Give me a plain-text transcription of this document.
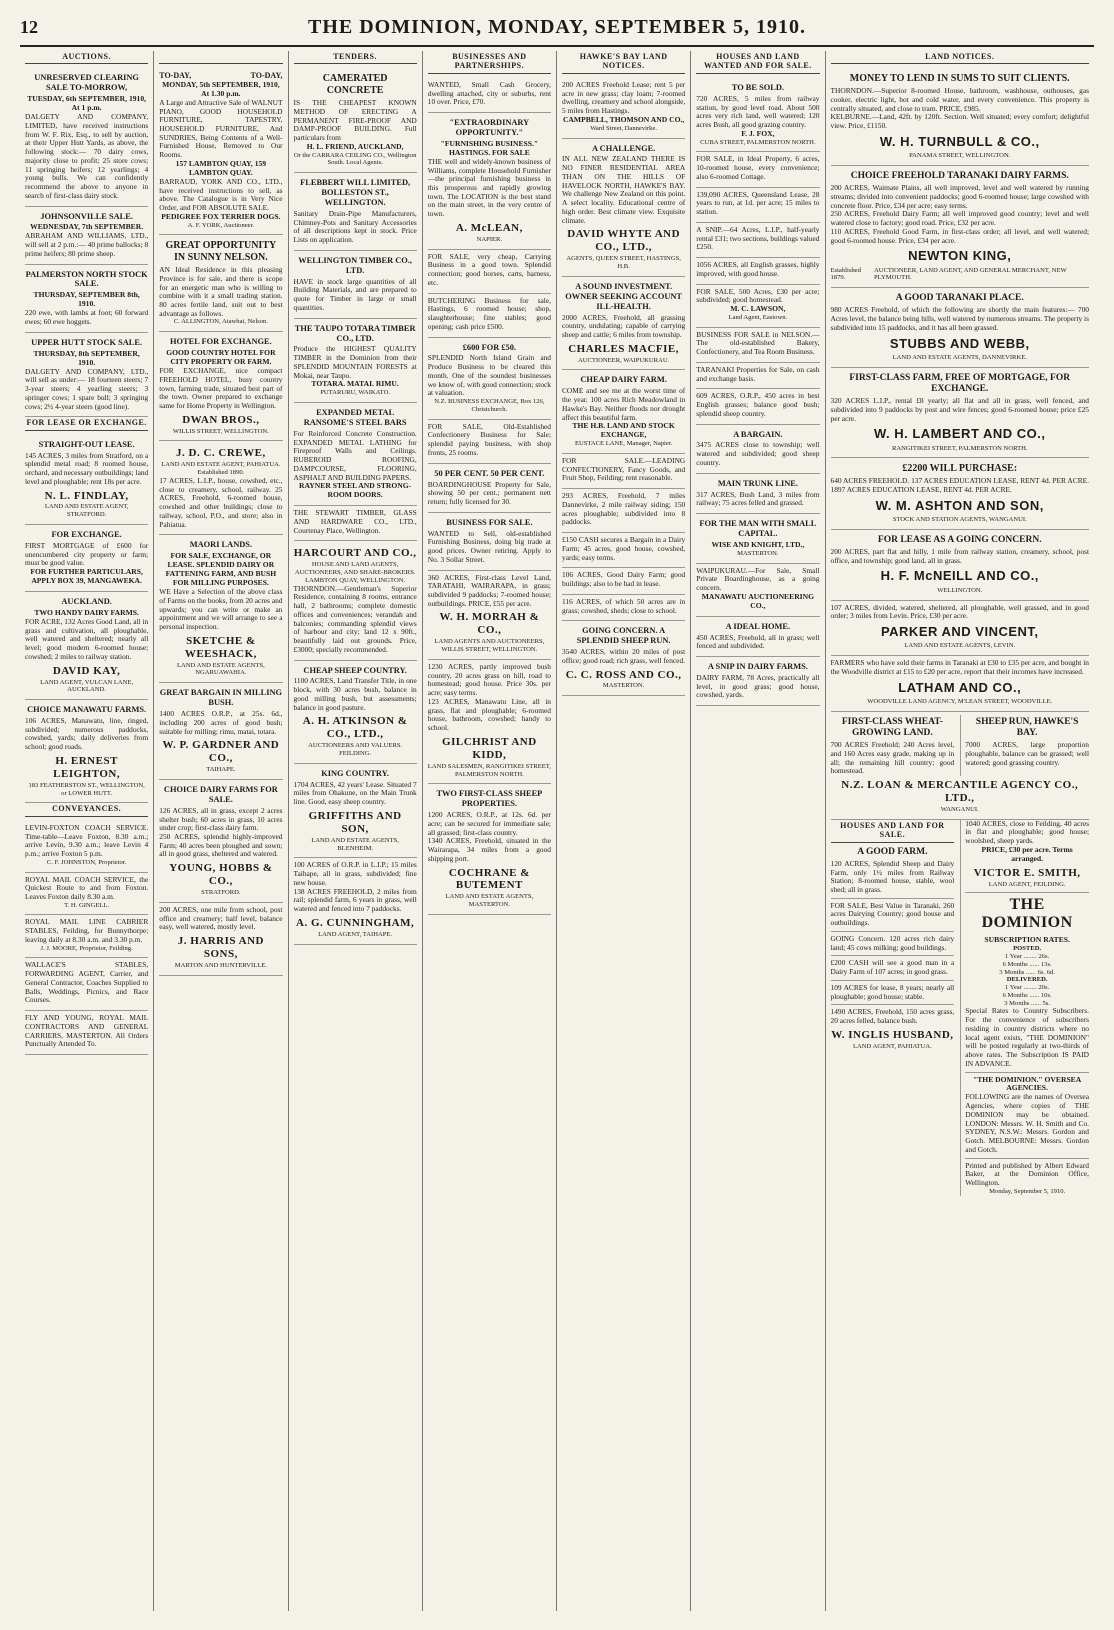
12	THE DOMINION, MONDAY, SEPTEMBER 5, 1910.
AUCTIONS.
UNRESERVED CLEARING SALE TO-MORROW,
TUESDAY, 6th SEPTEMBER, 1910, At 1 p.m.

DALGETY AND COMPANY, LIMITED, have received instructions from W. F. Rix, Esq., to sell by auction, at their Upper Hutt Yards, as above, the following stock:— 70 dairy cows, majority close to profit; 25 store cows; 11 springing heifers; 12 yearlings; 4 young bulls. We can confidently recommend the above to anyone in search of first-class dairy stock.

JOHNSONVILLE SALE.
WEDNESDAY, 7th SEPTEMBER.

ABRAHAM AND WILLIAMS, LTD., will sell at 2 p.m.:— 40 prime ballocks; 8 prime heifers; 80 prime sheep.

PALMERSTON NORTH STOCK SALE.
THURSDAY, SEPTEMBER 8th, 1910.

220 ewe, with lambs at foot; 60 forward ewes; 60 ewe hoggets.

UPPER HUTT STOCK SALE.
THURSDAY, 8th SEPTEMBER, 1910.

DALGETY AND COMPANY, LTD., will sell as under:— 18 fourteen steers; 7 3-year steers; 4 yearling steers; 3 springer cows; 1 spare bull; 3 springing cows; 2½ 4-year steers (good line).

FOR LEASE OR EXCHANGE.
STRAIGHT-OUT LEASE.

145 ACRES, 3 miles from Stratford, on a splendid metal road; 8 roomed house, orchard, and necessary outbuildings; land level and ploughable; rent 18s per acre.

N. L. FINDLAY,
LAND AND ESTATE AGENT, STRATFORD.
FOR EXCHANGE.

FIRST MORTGAGE of £600 for unencumbered city property or farm; must be good value.

FOR FURTHER PARTICULARS, APPLY BOX 39, MANGAWEKA.
AUCKLAND.
TWO HANDY DAIRY FARMS.

FOR ACRE, 132 Acres Good Land, all in grass and cultivation, all ploughable, well watered and sheltered; nearly all level; good modern 6-roomed house; cowshed; 2 miles to railway station.

DAVID KAY,
LAND AGENT, VULCAN LANE, AUCKLAND.
CHOICE MANAWATU FARMS.

106 ACRES, Manawatu, line, ringed, subdivided; numerous paddocks, cowshed, yards; daily deliveries from school; good roads.

H. ERNEST LEIGHTON,
183 FEATHERSTON ST., WELLINGTON, or LOWER HUTT.
CONVEYANCES.

LEVIN-FOXTON COACH SERVICE. Time-table—Leave Foxton, 8.30 a.m.; arrive Levin, 9.30 a.m.; leave Levin 4 p.m.; arrive Foxton 5 p.m.

C. F. JOHNSTON, Proprietor.

ROYAL MAIL COACH SERVICE, the Quickest Route to and from Foxton. Leaves Foxton daily 8.30 a.m.

T. H. GINGELL.

ROYAL MAIL LINE CABRIER STABLES, Feilding, for Bunnythorpe; leaving daily at 8.30 a.m. and 3.30 p.m.

J. J. MOORE, Proprietor, Feilding.

WALLACE'S STABLES, FORWARDING AGENT, Carrier, and General Contractor, Coaches Supplied to Balls, Weddings, Picnics, and Race Courses.

FLY AND YOUNG, ROYAL MAIL CONTRACTORS AND GENERAL CARRIERS, MASTERTON. All Orders Punctually Attended To.

TO-DAY,	TO-DAY,
MONDAY, 5th SEPTEMBER, 1910, At 1.30 p.m.

A Large and Attractive Sale of WALNUT PIANO, GOOD HOUSEHOLD FURNITURE, TAPESTRY, HOUSEHOLD FURNITURE, And SUNDRIES, Being Contents of a Well-Furnished House, Removed to Our Rooms.

157 LAMBTON QUAY, 159 LAMBTON QUAY.

BARRAUD, YORK AND CO., LTD., have received instructions to sell, as above. The Catalogue is in Very Nice Order, and FOR ABSOLUTE SALE.

PEDIGREE FOX TERRIER DOGS.
A. F. YORK, Auctioneer.
GREAT OPPORTUNITY IN SUNNY NELSON.

AN Ideal Residence in this pleasing Province is for sale, and there is scope for an energetic man who is willing to combine with it a small trading station. 80 acres fertile land, suit out to best advantage as follows.

C. ALLINGTON, Atawhai, Nelson.
HOTEL FOR EXCHANGE.
GOOD COUNTRY HOTEL FOR CITY PROPERTY OR FARM.

FOR EXCHANGE, nice compact FREEHOLD HOTEL, busy country town, farming trade, situated best part of the town. Owner prepared to exchange same for Home Property in Wellington.

DWAN BROS.,
WILLIS STREET, WELLINGTON.
J. D. C. CREWE,
LAND AND ESTATE AGENT, PAHIATUA. Established 1890.

17 ACRES, L.I.P., house, cowshed, etc., close to creamery, school, railway. 25 ACRES, Freehold, 6-roomed house, cowshed and other buildings; close to railway, school, P.O., and store; also in Pahiatua.

MAORI LANDS.
FOR SALE, EXCHANGE, OR LEASE. SPLENDID DAIRY OR FATTENING FARM, AND BUSH FOR MILLING PURPOSES.

WE Have a Selection of the above class of Farms on the books, from 20 acres and upwards; you can write or make an appointment and we will arrange to see a personal inspection.

SKETCHE & WEESHACK,
LAND AND ESTATE AGENTS, NGARUAWAHIA.
GREAT BARGAIN IN MILLING BUSH.

1400 ACRES O.R.P., at 25s. 6d., including 200 acres of good bush; suitable for milling; rimu, matai, totara.

W. P. GARDNER AND CO.,
TAIHAPE.
CHOICE DAIRY FARMS FOR SALE.

126 ACRES, all in grass, except 2 acres shelter bush; 60 acres in grass, 10 acres under crop; first-class dairy farm.

250 ACRES, splendid highly-improved Farm; 40 acres been ploughed and sown; all in good grass, sheltered and watered.

YOUNG, HOBBS & CO.,
STRATFORD.

200 ACRES, one mile from school, post office and creamery; half level, balance easy, well watered, mostly level.

J. HARRIS AND SONS,
MARTON AND HUNTERVILLE.
TENDERS.
CAMERATED CONCRETE

IS THE CHEAPEST KNOWN METHOD OF ERECTING A PERMANENT FIRE-PROOF AND DAMP-PROOF BUILDING. Full particulars from

H. L. FRIEND, AUCKLAND,
Or the CARRARA CEILING CO., Wellington South. Local Agents.
FLEBBERT WILL LIMITED, BOLLESTON ST., WELLINGTON.

Sanitary Drain-Pipe Manufacturers, Chimney-Pots and Sanitary Accessories of all descriptions kept in stock. Price Lists on application.

WELLINGTON TIMBER CO., LTD.

HAVE in stock large quantities of all Building Materials, and are prepared to quote for Timber in large or small quantities.

THE TAUPO TOTARA TIMBER CO., LTD.

Produce the HIGHEST QUALITY TIMBER in the Dominion from their SPLENDID MOUNTAIN FORESTS at Mokai, near Taupo.

TOTARA. MATAI. RIMU.
PUTARURU, WAIKATO.
EXPANDED METAL RANSOME'S STEEL BARS

For Reinforced Concrete Construction. EXPANDED METAL LATHING for Fireproof Walls and Ceilings. RUBEROID ROOFING, DAMPCOURSE, FLOORING, ASPHALT AND BUILDING PAPERS.

RAYNER STEEL AND STRONG-ROOM DOORS.

THE STEWART TIMBER, GLASS AND HARDWARE CO., LTD., Courtenay Place, Wellington.

HARCOURT AND CO.,
HOUSE AND LAND AGENTS, AUCTIONEERS, AND SHARE-BROKERS. LAMBTON QUAY, WELLINGTON.

THORNDON.—Gentleman's Superior Residence, containing 8 rooms, entrance hall, 2 bathrooms; complete domestic offices and conveniences; verandah and balconies; commanding splendid views of harbour and city; land 12 x 90ft., beautifully laid out grounds. Price, £3000; specially recommended.

CHEAP SHEEP COUNTRY.

1100 ACRES, Land Transfer Title, in one block, with 30 acres bush, balance in good milling bush, but assessments; balance in good pasture.

A. H. ATKINSON & CO., LTD.,
AUCTIONEERS AND VALUERS. FEILDING.
KING COUNTRY.

1704 ACRES, 42 years' Lease. Situated 7 miles from Ohakune, on the Main Trunk line. Good, easy sheep country.

GRIFFITHS AND SON,
LAND AND ESTATE AGENTS, BLENHEIM.

100 ACRES of O.R.P. in L.I.P.; 15 miles Taihape, all in grass, subdivided; fine new house.

138 ACRES FREEHOLD, 2 miles from rail; splendid farm, 6 years in grass, well watered and fenced into 7 paddocks.

A. G. CUNNINGHAM,
LAND AGENT, TAIHAPE.
BUSINESSES AND PARTNERSHIPS.

WANTED, Small Cash Grocery, dwelling attached, city or suburbs, rent 10 over. Price, £70.

"EXTRAORDINARY OPPORTUNITY."
"FURNISHING BUSINESS." HASTINGS. FOR SALE

THE well and widely-known business of Williams, complete Household Furnisher—the principal furnishing business in this prosperous and rapidly growing town. The LOCATION is the best stand on the main street, in the very centre of town.

A. McLEAN,
NAPIER.

FOR SALE, very cheap, Carrying Business in a good town. Splendid connection; good horses, carts, harness, etc.

BUTCHERING Business for sale, Hastings, 6 roomed house; shop, slaughterhouse; fine stables; good opening; cash price £500.

£600 FOR £50.

SPLENDID North Island Grain and Produce Business to be cleared this month. One of the soundest businesses we know of, with good connection; stock at valuation.

N.Z. BUSINESS EXCHANGE, Box 126, Christchurch.

FOR SALE, Old-Established Confectionery Business for Sale; splendid paying business, with shop fronts, 25 rooms.

50 PER CENT. 50 PER CENT.

BOARDINGHOUSE Property for Sale, showing 50 per cent.; permanent nett return; fully licensed for 30.

BUSINESS FOR SALE.

WANTED to Sell, old-established Furnishing Business, doing big trade at good prices. Owner retiring. Apply to No. 3 Sollar Street.

360 ACRES, First-class Level Land, TARATAHI, WAIRARAPA, in grass; subdivided 9 paddocks; 7-roomed house; outbuildings. PRICE, £55 per acre.

W. H. MORRAH & CO.,
LAND AGENTS AND AUCTIONEERS, WILLIS STREET, WELLINGTON.

1230 ACRES, partly improved bush country, 20 acres grass on hill, road to homestead; good house. Price 30s. per acre; easy terms.

123 ACRES, Manawatu Line, all in grass, flat and ploughable; 6-roomed house, bathroom, cowshed; handy to school.

GILCHRIST AND KIDD,
LAND SALESMEN, RANGITIKEI STREET, PALMERSTON NORTH.
TWO FIRST-CLASS SHEEP PROPERTIES.

1200 ACRES, O.R.P., at 12s. 6d. per acre; can be secured for immediate sale; all grassed; first-class country.

1340 ACRES, Freehold, situated in the Wairarapa, 34 miles from a good shipping port.

COCHRANE & BUTEMENT
LAND AND ESTATE AGENTS, MASTERTON.
HAWKE'S BAY LAND NOTICES.

200 ACRES Freehold Lease; rent 5 per acre in new grass; clay loam; 7-roomed dwelling, creamery and school alongside, 5 miles from Hastings.

CAMPBELL, THOMSON AND CO.,
Ward Street, Dannevirke.
A CHALLENGE.

IN ALL NEW ZEALAND THERE IS NO FINER RESIDENTIAL AREA THAN ON THE HILLS OF HAVELOCK NORTH, HAWKE'S BAY. We challenge New Zealand on this point. A select locality. Educational centre of high order. Best climate view. Exquisite climate.

DAVID WHYTE AND CO., LTD.,
AGENTS, QUEEN STREET, HASTINGS, H.B.
A SOUND INVESTMENT. OWNER SEEKING ACCOUNT ILL-HEALTH.

2000 ACRES, Freehold, all grassing country, undulating; capable of carrying sheep and cattle; 6 miles from township.

CHARLES MACFIE,
AUCTIONEER, WAIPUKURAU.
CHEAP DAIRY FARM.

COME and see me at the worst time of the year. 100 acres Rich Meadowland in Hawke's Bay. Neither floods nor drought affect this beautiful farm.

THE H.B. LAND AND STOCK EXCHANGE,
EUSTACE LANE, Manager, Napier.

FOR SALE.—LEADING CONFECTIONERY, Fancy Goods, and Fruit Shop, Feilding; rent reasonable.

293 ACRES, Freehold, 7 miles Dannevirke, 2 mile railway siding; 150 acres ploughable; subdivided into 8 paddocks.

£150 CASH secures a Bargain in a Dairy Farm; 45 acres, good house, cowshed, yards; easy terms.

106 ACRES, Good Dairy Farm; good buildings; also to be had in lease.

116 ACRES, of which 50 acres are in grass; cowshed, sheds; close to school.

GOING CONCERN. A SPLENDID SHEEP RUN.

3540 ACRES, within 20 miles of post office; good road; rich grass, well fenced.

C. C. ROSS AND CO.,
MASTERTON.
HOUSES AND LAND WANTED AND FOR SALE.
TO BE SOLD.

720 ACRES, 5 miles from railway station, by good level road. About 500 acres very rich land, well watered; 120 acres Bush, all good grazing country.

F. J. FOX,
CUBA STREET, PALMERSTON NORTH.

FOR SALE, in Ideal Property, 6 acres, 10-roomed house, every convenience; also 6-roomed Cottage.

139,090 ACRES, Queensland Lease, 28 years to run, at 1d. per acre; 15 miles to station.

A SNIP.—64 Acres, L.I.P., half-yearly rental £31; two sections, buildings valued £250.

1056 ACRES, all English grasses, highly improved, with good house.

FOR SALE, 500 Acres, £30 per acre; subdivided; good homestead.

M. C. LAWSON,
Land Agent, Eastown.

BUSINESS FOR SALE in NELSON.—The old-established Bakery, Confectionery, and Tea Room Business.

TARANAKI Properties for Sale, on cash and exchange basis.

609 ACRES, O.R.P., 450 acres in best English grasses; balance good bush; splendid sheep country.

A BARGAIN.

3475 ACRES close to township; well watered and subdivided; good sheep country.

MAIN TRUNK LINE.

317 ACRES, Bush Land, 3 miles from railway; 75 acres felled and grassed.

FOR THE MAN WITH SMALL CAPITAL.
WISE AND KNIGHT, LTD.,
MASTERTON.

WAIPUKURAU.—For Sale, Small Private Boardinghouse, as a going concern.

MANAWATU AUCTIONEERING CO.,
A IDEAL HOME.

450 ACRES, Freehold, all in grass; well fenced and subdivided.

A SNIP IN DAIRY FARMS.

DAIRY FARM, 78 Acres, practically all level, in good grass; good house, cowshed, yards.

LAND NOTICES.
MONEY TO LEND IN SUMS TO SUIT CLIENTS.

THORNDON.—Superior 8-roomed House, bathroom, washhouse, outhouses, gas cooker, electric light, hot and cold water, and every convenience. This property is centrally situated, and close to tram. PRICE, £985.

KELBURNE.—Land, 42ft. by 120ft. Section. Well situated; every comfort; delightful view. Price, £1150.

W. H. TURNBULL & CO.,
PANAMA STREET, WELLINGTON.
CHOICE FREEHOLD TARANAKI DAIRY FARMS.

200 ACRES, Waimate Plains, all well improved, level and well watered by running streams; divided into convenient paddocks; good 6-roomed house; large cowshed with concrete floor. Price, £34 per acre; easy terms.

250 ACRES, Freehold Dairy Farm; all well improved good country; level and well watered close to factory; good road. Price, £32 per acre.

110 ACRES, Freehold Good Farm, in first-class order; all level, and well watered; good 6-roomed house. Price, £34 per acre.

NEWTON KING,
Established 1879.
AUCTIONEER, LAND AGENT, AND GENERAL MERCHANT, NEW PLYMOUTH.
A GOOD TARANAKI PLACE.

980 ACRES Freehold, of which the following are shortly the main features:— 700 Acres level, the balance being hills, well watered by numerous streams. The property is subdivided into 15 paddocks, and it has all been grassed.

STUBBS AND WEBB,
LAND AND ESTATE AGENTS, DANNEVIRKE.
FIRST-CLASS FARM, FREE OF MORTGAGE, FOR EXCHANGE.

320 ACRES L.I.P., rental £8 yearly; all flat and all in grass, well fenced, and subdivided into 9 paddocks by post and wire fences; good 6-roomed house; price £25 per acre.

W. H. LAMBERT AND CO.,
RANGITIKEI STREET, PALMERSTON NORTH.
£2200 WILL PURCHASE:

640 ACRES FREEHOLD. 137 ACRES EDUCATION LEASE, RENT 4d. PER ACRE. 1897 ACRES EDUCATION LEASE, RENT 4d. PER ACRE.

W. M. ASHTON AND SON,
STOCK AND STATION AGENTS, WANGANUI.
FOR LEASE AS A GOING CONCERN.

200 ACRES, part flat and hilly, 1 mile from railway station, creamery, school, post office, and township; good land, all in grass.

H. F. McNEILL AND CO.,
WELLINGTON.

107 ACRES, divided, watered, sheltered, all ploughable, well grassed, and in good order; 3 miles from Levin. Price, £30 per acre.

PARKER AND VINCENT,
LAND AND ESTATE AGENTS, LEVIN.

FARMERS who have sold their farms in Taranaki at £30 to £35 per acre, and bought in the Woodville district at £15 to £20 per acre, report that their incomes have increased.

LATHAM AND CO.,
WOODVILLE LAND AGENCY, M'LEAN STREET, WOODVILLE.
FIRST-CLASS WHEAT-GROWING LAND.

700 ACRES Freehold; 240 Acres level, and 160 Acres easy grade, making up in all; the remaining hill country; good homestead.

SHEEP RUN, HAWKE'S BAY.

7000 ACRES, large proportion ploughable, balance can be grassed; well watered; good grassing country.

N.Z. LOAN & MERCANTILE AGENCY CO., LTD.,
WANGANUI.
HOUSES AND LAND FOR SALE.
A GOOD FARM.

120 ACRES, Splendid Sheep and Dairy Farm, only 1½ miles from Railway Station; 8-roomed house, stable, wool shed; all in grass.

FOR SALE, Best Value in Taranaki, 260 acres Dairying Country; good house and outbuildings.

GOING Concern. 120 acres rich dairy land; 45 cows milking; good buildings.

£200 CASH will see a good man in a Dairy Farm of 107 acres; in good grass.

109 ACRES for lease, 8 years; nearly all ploughable; good house; stable.

1490 ACRES, Freehold, 150 acres grass, 20 acres felled, balance bush.

W. INGLIS HUSBAND,
LAND AGENT, PAHIATUA.

1040 ACRES, close to Feilding, 40 acres in flat and ploughable; good house; woolshed, sheep yards.

PRICE, £30 per acre. Terms arranged.
VICTOR E. SMITH,
LAND AGENT, FEILDING.
THE DOMINION
SUBSCRIPTION RATES.
POSTED.
1 Year ........ 26s.
6 Months ...... 13s.
3 Months ...... 6s. 6d.
DELIVERED.
1 Year ........ 20s.
6 Months ...... 10s.
3 Months ...... 5s.

Special Rates to Country Subscribers. For the convenience of subscribers residing in country districts where no local agent exists, "THE DOMINION" will be posted regularly at two-thirds of above rates. The Subscription IS PAID IN ADVANCE.

"THE DOMINION." OVERSEA AGENCIES.

FOLLOWING are the names of Oversea Agencies, where copies of THE DOMINION may be obtained. LONDON: Messrs. W. H. Smith and Co. SYDNEY, N.S.W.: Messrs. Gordon and Gotch. MELBOURNE: Messrs. Gordon and Gotch.

Printed and published by Albert Edward Baker, at the Dominion Office, Wellington.

Monday, September 5, 1910.
